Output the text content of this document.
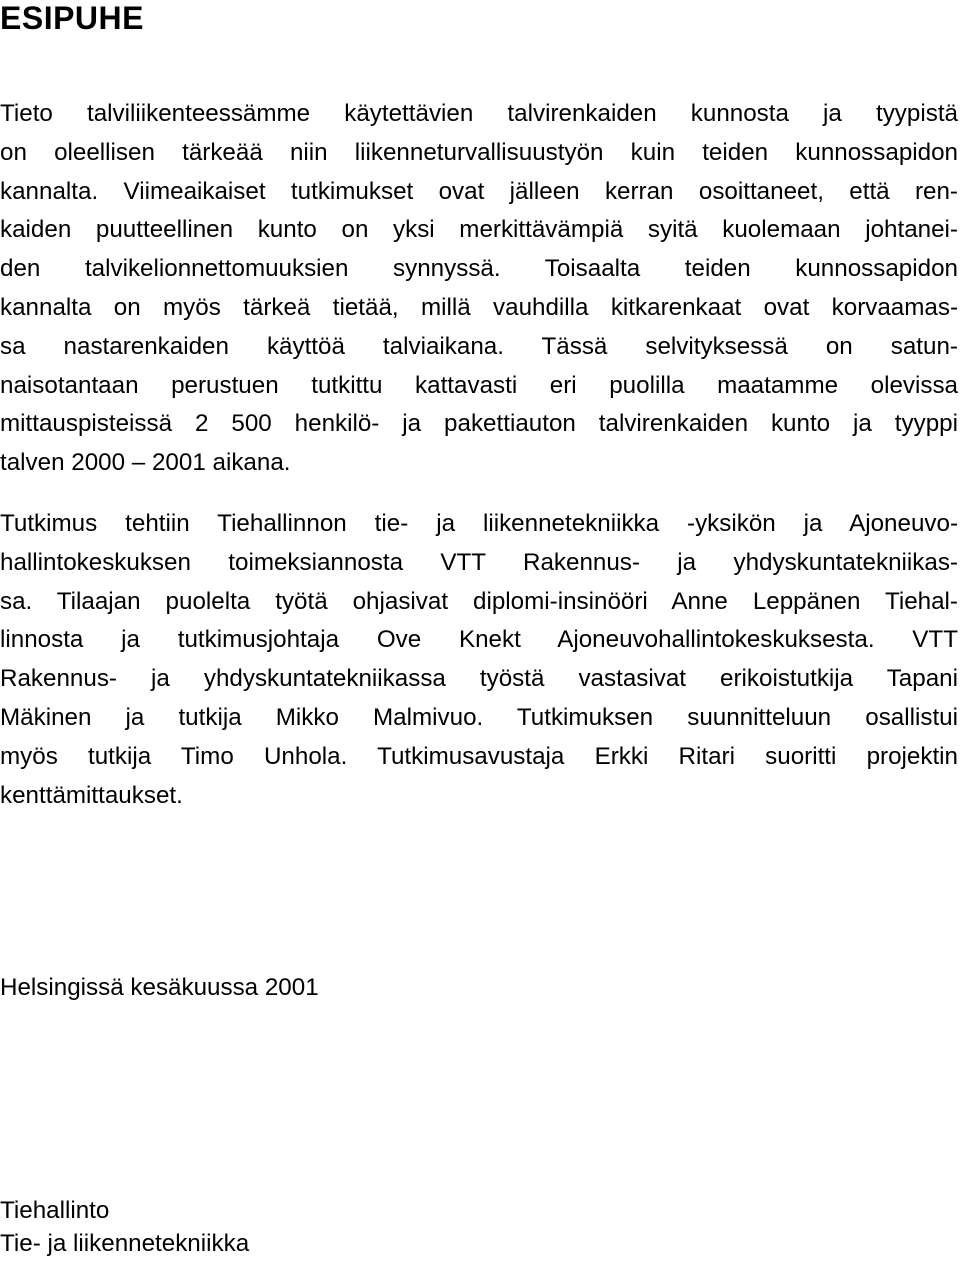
ESIPUHE

Tieto talviliikenteessämme käytettävien talvirenkaiden kunnosta ja tyypistä
on oleellisen tärkeää niin liikenneturvallisuustyön kuin teiden kunnossapidon
kannalta. Viimeaikaiset tutkimukset ovat jälleen kerran osoittaneet, että ren-
kaiden puutteellinen kunto on yksi merkittävämpiä syitä kuolemaan johtanei-
den talvikelionnettomuuksien synnyssä. Toisaalta teiden kunnossapidon
kannalta on myös tärkeä tietää, millä vauhdilla kitkarenkaat ovat korvaamas-
sa nastarenkaiden käyttöä talviaikana. Tässä selvityksessä on satun-
naisotantaan perustuen tutkittu kattavasti eri puolilla maatamme olevissa
mittauspisteissä 2 500 henkilö- ja pakettiauton talvirenkaiden kunto ja tyyppi
talven 2000 – 2001 aikana.

Tutkimus tehtiin Tiehallinnon tie- ja liikennetekniikka -yksikön ja Ajoneuvo-
hallintokeskuksen toimeksiannosta VTT Rakennus- ja yhdyskuntatekniikas-
sa. Tilaajan puolelta työtä ohjasivat diplomi-insinööri Anne Leppänen Tiehal-
linnosta ja tutkimusjohtaja Ove Knekt Ajoneuvohallintokeskuksesta. VTT
Rakennus- ja yhdyskuntatekniikassa työstä vastasivat erikoistutkija Tapani
Mäkinen ja tutkija Mikko Malmivuo. Tutkimuksen suunnitteluun osallistui
myös tutkija Timo Unhola. Tutkimusavustaja Erkki Ritari suoritti projektin
kenttämittaukset.

Helsingissä kesäkuussa 2001

Tiehallinto
Tie- ja liikennetekniikka
